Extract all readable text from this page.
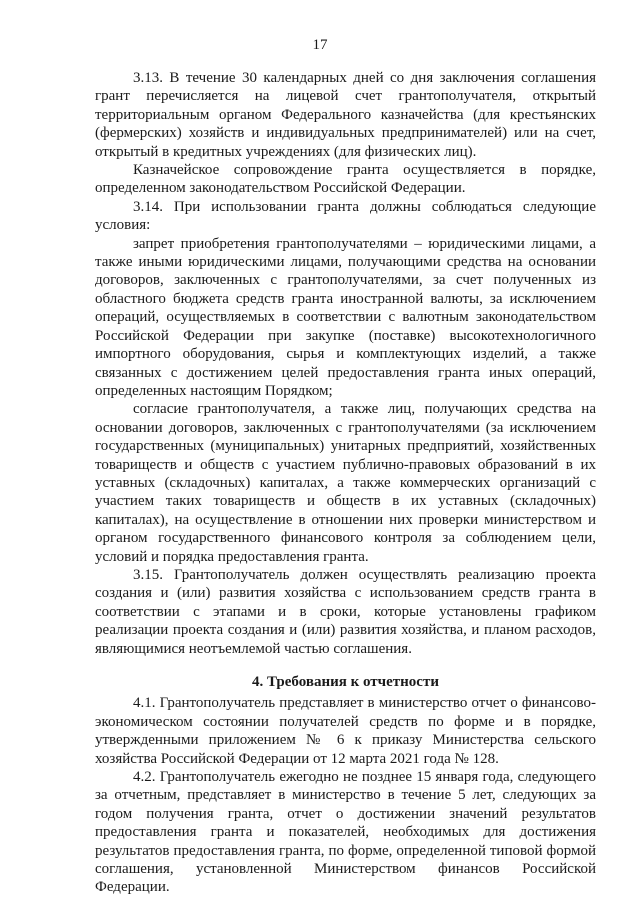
17

3.13. В течение 30 календарных дней со дня заключения соглашения грант перечисляется на лицевой счет грантополучателя, открытый территориальным органом Федерального казначейства (для крестьянских (фермерских) хозяйств и индивидуальных предпринимателей) или на счет, открытый в кредитных учреждениях (для физических лиц).

Казначейское сопровождение гранта осуществляется в порядке, определенном законодательством Российской Федерации.

3.14. При использовании гранта должны соблюдаться следующие условия:

запрет приобретения грантополучателями – юридическими лицами, а также иными юридическими лицами, получающими средства на основании договоров, заключенных с грантополучателями, за счет полученных из областного бюджета средств гранта иностранной валюты, за исключением операций, осуществляемых в соответствии с валютным законодательством Российской Федерации при закупке (поставке) высокотехнологичного импортного оборудования, сырья и комплектующих изделий, а также связанных с достижением целей предоставления гранта иных операций, определенных настоящим Порядком;

согласие грантополучателя, а также лиц, получающих средства на основании договоров, заключенных с грантополучателями (за исключением государственных (муниципальных) унитарных предприятий, хозяйственных товариществ и обществ с участием публично-правовых образований в их уставных (складочных) капиталах, а также коммерческих организаций с участием таких товариществ и обществ в их уставных (складочных) капиталах), на осуществление в отношении них проверки министерством и органом государственного финансового контроля за соблюдением цели, условий и порядка предоставления гранта.

3.15. Грантополучатель должен осуществлять реализацию проекта создания и (или) развития хозяйства с использованием средств гранта в соответствии с этапами и в сроки, которые установлены графиком реализации проекта создания и (или) развития хозяйства, и планом расходов, являющимися неотъемлемой частью соглашения.

4. Требования к отчетности

4.1. Грантополучатель представляет в министерство отчет о финансово-экономическом состоянии получателей средств по форме и в порядке, утвержденными приложением № 6 к приказу Министерства сельского хозяйства Российской Федерации от 12 марта 2021 года № 128.

4.2. Грантополучатель ежегодно не позднее 15 января года, следующего за отчетным, представляет в министерство в течение 5 лет, следующих за годом получения гранта, отчет о достижении значений результатов предоставления гранта и показателей, необходимых для достижения результатов предоставления гранта, по форме, определенной типовой формой соглашения, установленной Министерством финансов Российской Федерации.
